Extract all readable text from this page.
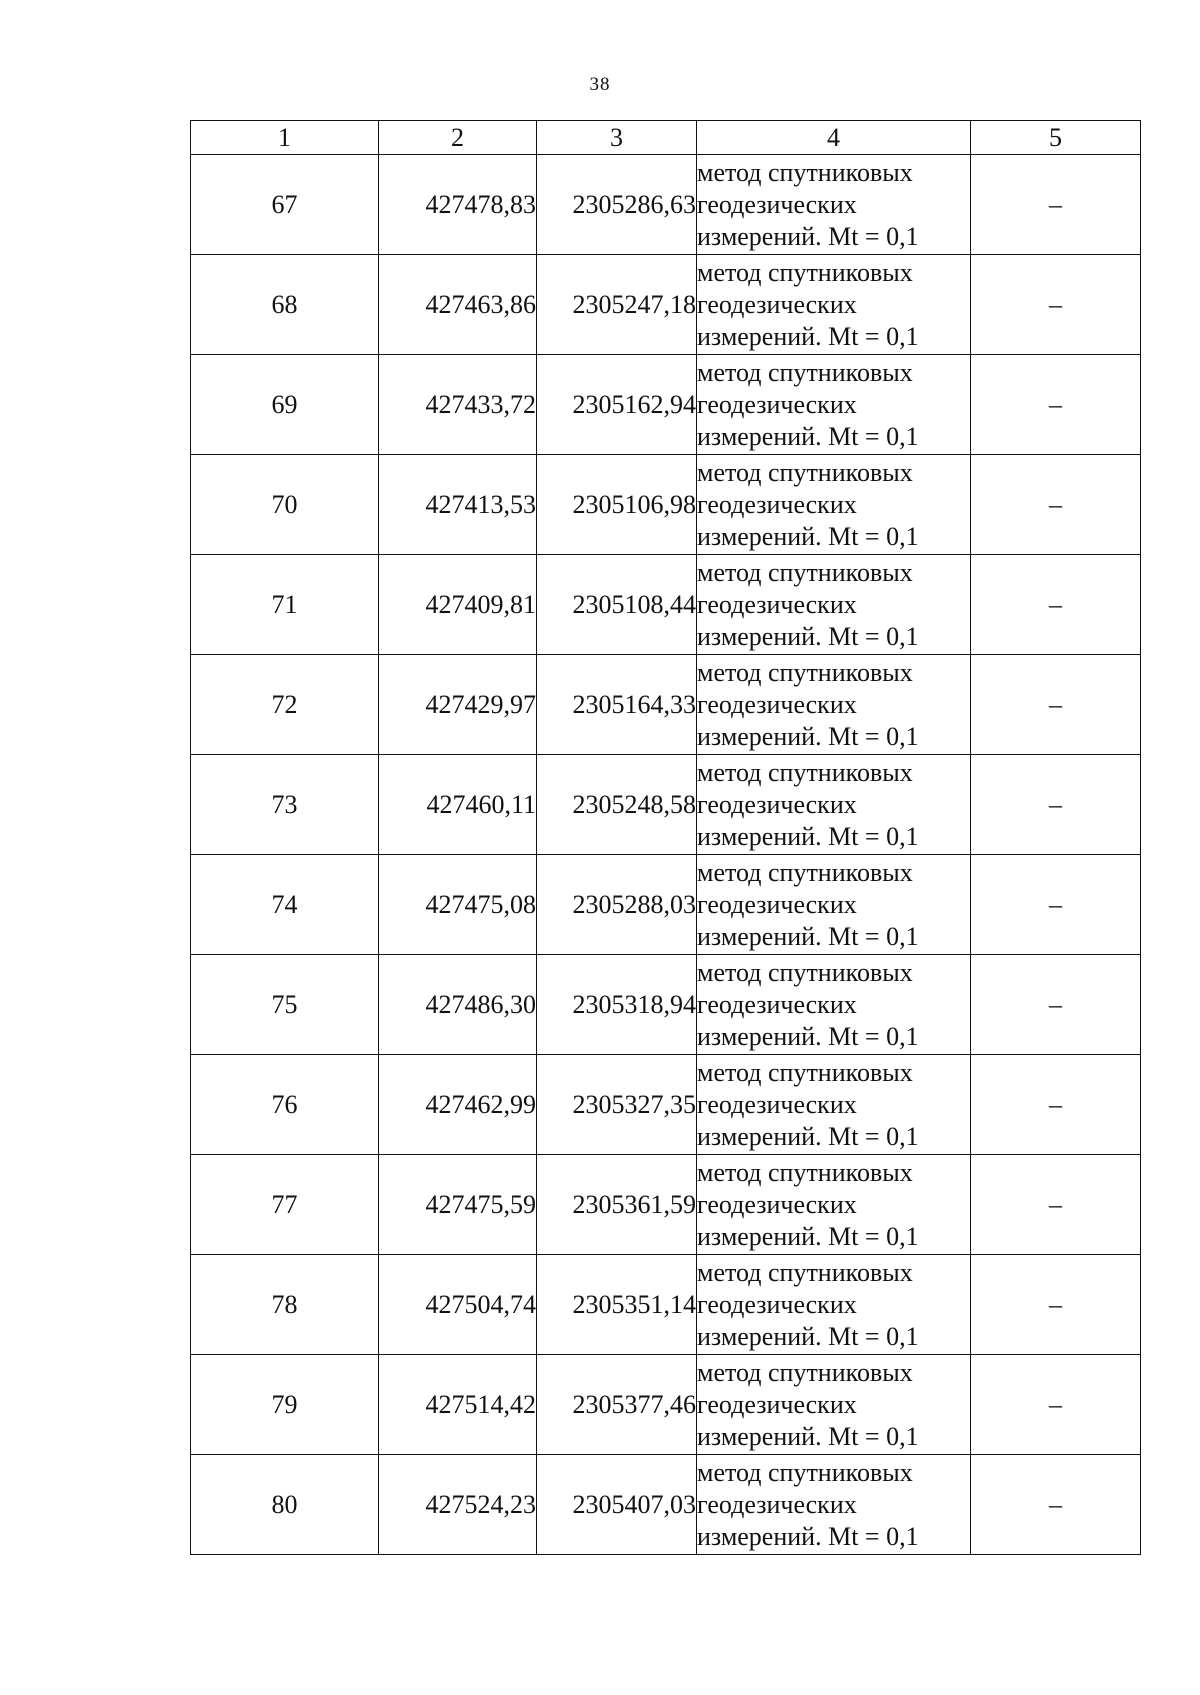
38
1	2	3	4	5
67	427478,83	2305286,63	метод спутниковых
геодезических
измерений. Mt = 0,1	–
68	427463,86	2305247,18	метод спутниковых
геодезических
измерений. Mt = 0,1	–
69	427433,72	2305162,94	метод спутниковых
геодезических
измерений. Mt = 0,1	–
70	427413,53	2305106,98	метод спутниковых
геодезических
измерений. Mt = 0,1	–
71	427409,81	2305108,44	метод спутниковых
геодезических
измерений. Mt = 0,1	–
72	427429,97	2305164,33	метод спутниковых
геодезических
измерений. Mt = 0,1	–
73	427460,11	2305248,58	метод спутниковых
геодезических
измерений. Mt = 0,1	–
74	427475,08	2305288,03	метод спутниковых
геодезических
измерений. Mt = 0,1	–
75	427486,30	2305318,94	метод спутниковых
геодезических
измерений. Mt = 0,1	–
76	427462,99	2305327,35	метод спутниковых
геодезических
измерений. Mt = 0,1	–
77	427475,59	2305361,59	метод спутниковых
геодезических
измерений. Mt = 0,1	–
78	427504,74	2305351,14	метод спутниковых
геодезических
измерений. Mt = 0,1	–
79	427514,42	2305377,46	метод спутниковых
геодезических
измерений. Mt = 0,1	–
80	427524,23	2305407,03	метод спутниковых
геодезических
измерений. Mt = 0,1	–
